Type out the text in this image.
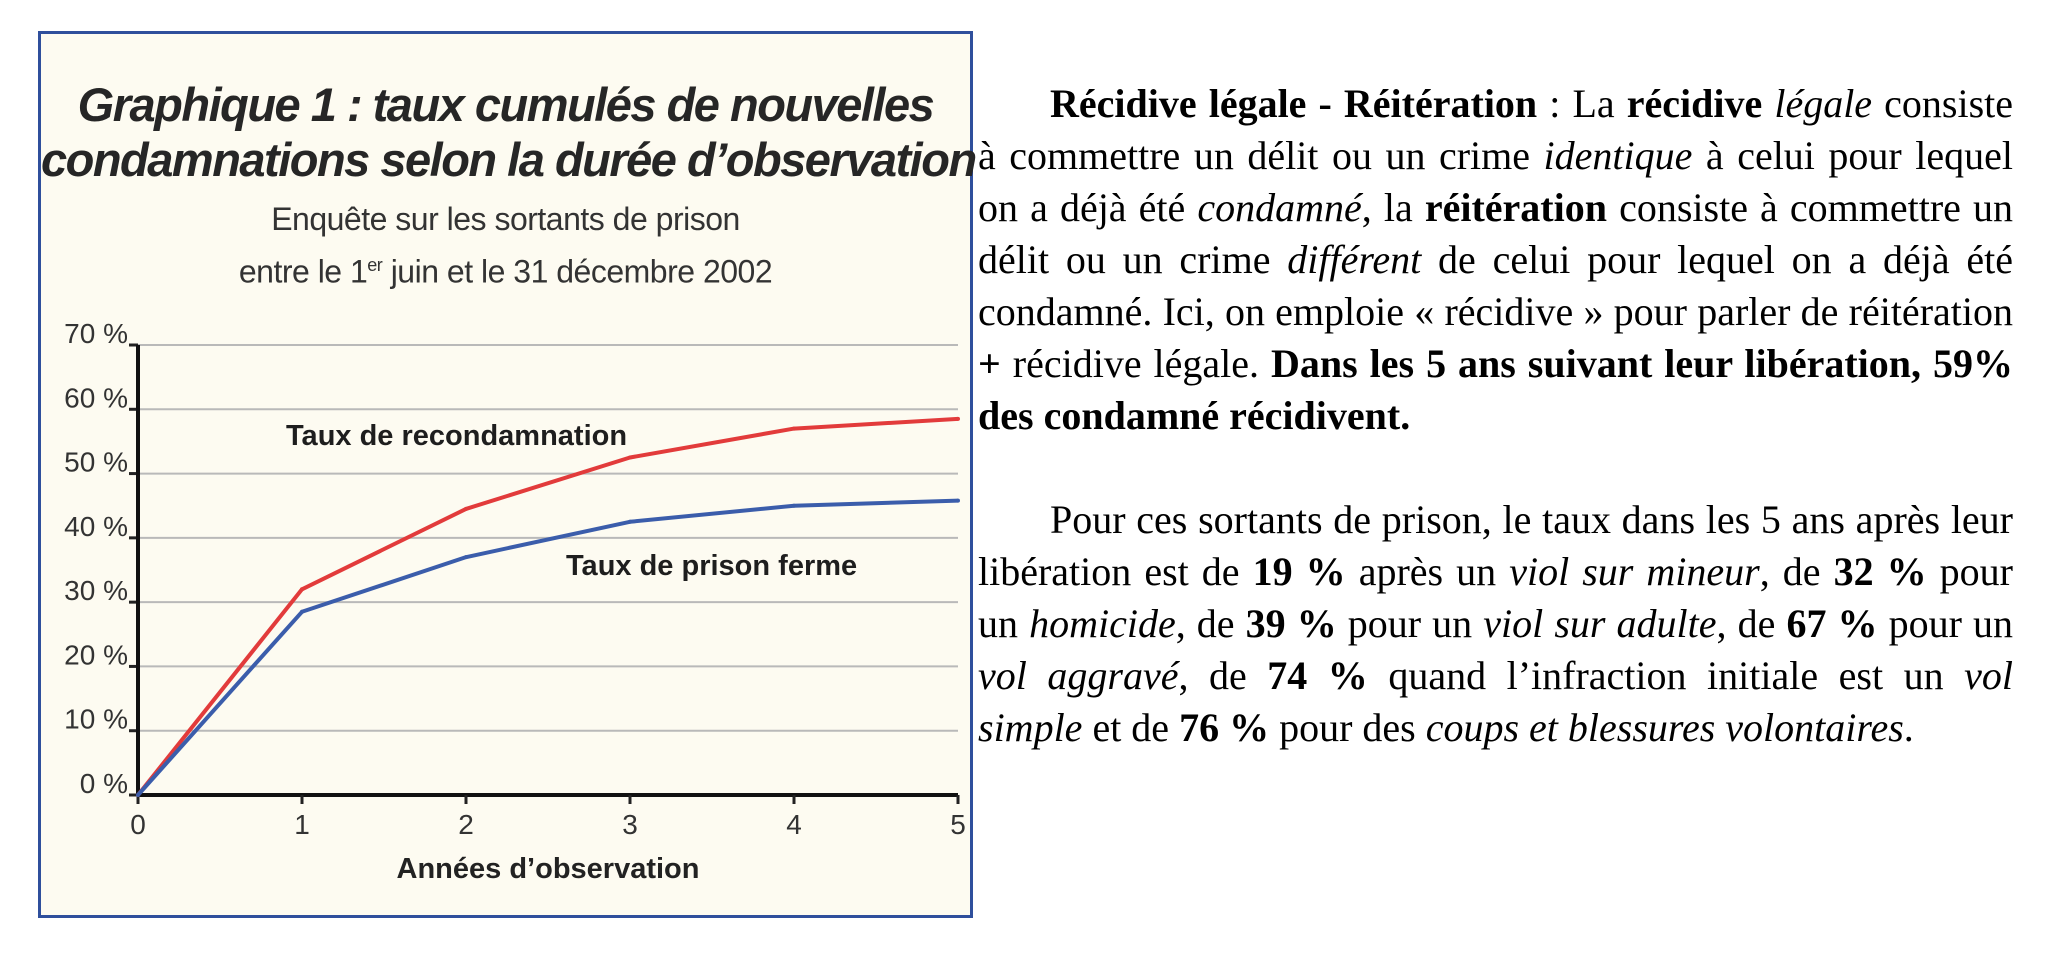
Graphique 1 : taux cumulés de nouvelles
condamnations selon la durée d’observation
Enquête sur les sortants de prison
entre le 1er juin et le 31 décembre 2002
0 %
10 %
20 %
30 %
40 %
50 %
60 %
70 %
0	1	2	3	4	5
Années d’observation
Taux de recondamnation
Taux de prison ferme

Récidive légale - Réitération : La récidive légale consiste à commettre un délit ou un crime identique à celui pour lequel on a déjà été condamné, la réitération consiste à commettre un délit ou un crime différent de celui pour lequel on a déjà été condamné. Ici, on emploie « récidive » pour parler de réitération + récidive légale. Dans les 5 ans suivant leur libération, 59% des condamné récidivent.

Pour ces sortants de prison, le taux dans les 5 ans après leur libération est de 19 % après un viol sur mineur, de 32 % pour un homicide, de 39 % pour un viol sur adulte, de 67 % pour un vol aggravé, de 74 % quand l’infraction initiale est un vol simple et de 76 % pour des coups et blessures volontaires.
